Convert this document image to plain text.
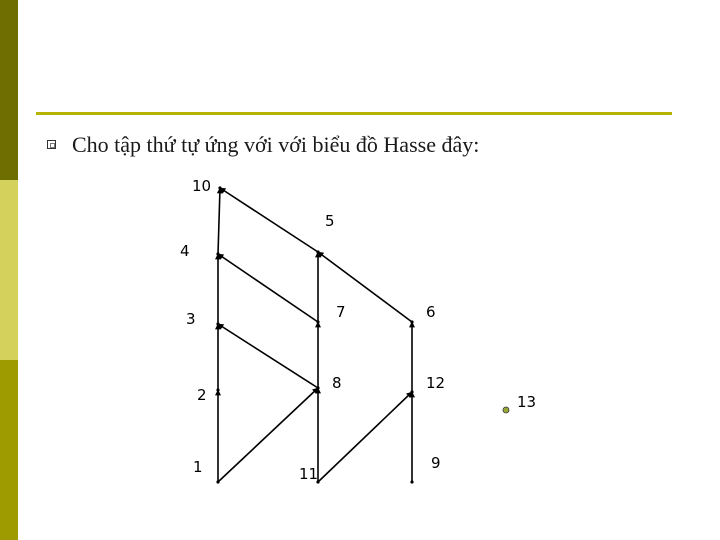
Cho tập thứ tự ứng với với biểu đồ Hasse đây:
10
5
4
3	7	6
2
8	12
13
1	11
9
